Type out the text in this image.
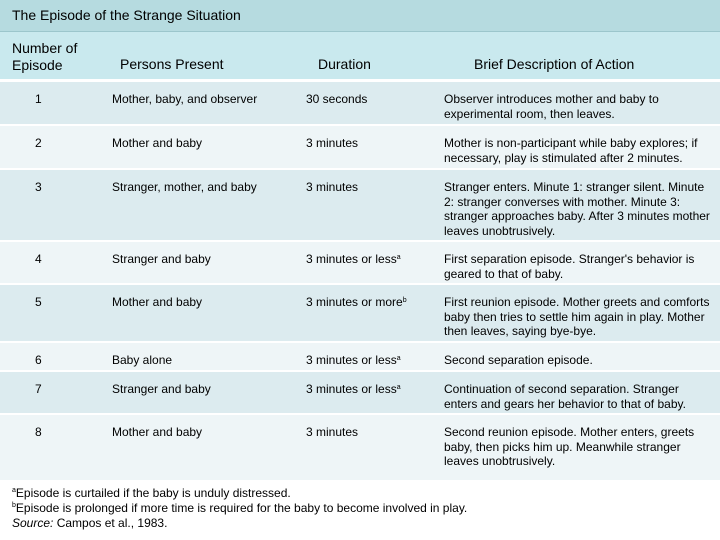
The Episode of the Strange Situation
Number of
Episode	Persons Present	Duration	Brief Description of Action
1	Mother, baby, and observer	30 seconds	Observer introduces mother and baby to experimental room, then leaves.
2	Mother and baby	3 minutes	Mother is non-participant while baby explores; if necessary, play is stimulated after 2 minutes.
3	Stranger, mother, and baby	3 minutes	Stranger enters. Minute 1: stranger silent. Minute 2: stranger converses with mother. Minute 3: stranger approaches baby. After 3 minutes mother leaves unobtrusively.
4	Stranger and baby	3 minutes or less$^a$	First separation episode. Stranger's behavior is geared to that of baby.
5	Mother and baby	3 minutes or more$^b$	First reunion episode. Mother greets and comforts baby then tries to settle him again in play. Mother then leaves, saying bye-bye.
6	Baby alone	3 minutes or less$^a$	Second separation episode.
7	Stranger and baby	3 minutes or less$^a$	Continuation of second separation. Stranger enters and gears her behavior to that of baby.
8	Mother and baby	3 minutes	Second reunion episode. Mother enters, greets baby, then picks him up. Meanwhile stranger leaves unobtrusively.
$^a$Episode is curtailed if the baby is unduly distressed.
$^b$Episode is prolonged if more time is required for the baby to become involved in play.
Source: Campos et al., 1983.
